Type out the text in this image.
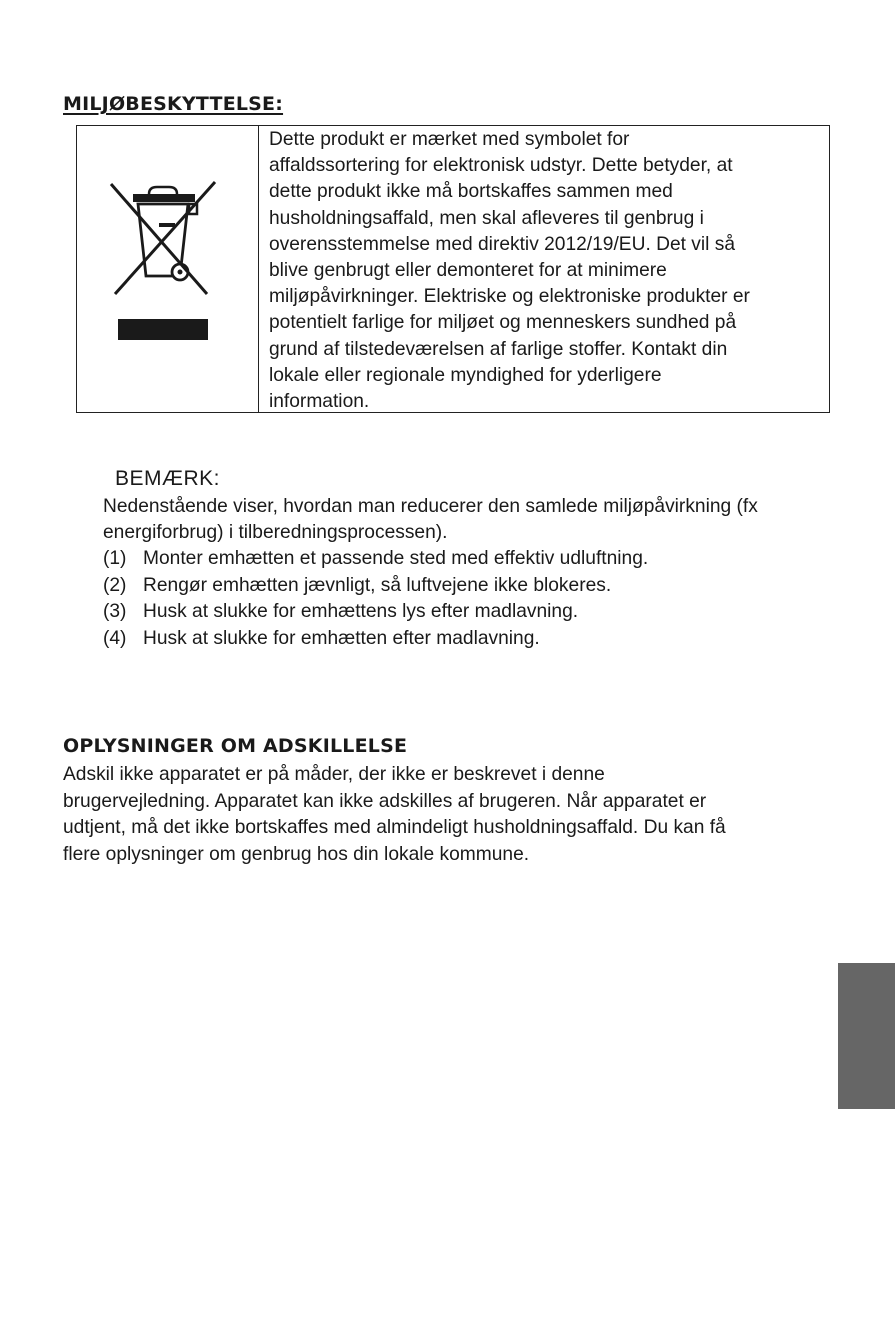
MILJØBESKYTTELSE:

Dette produkt er mærket med symbolet for
affaldssortering for elektronisk udstyr. Dette betyder, at
dette produkt ikke må bortskaffes sammen med
husholdningsaffald, men skal afleveres til genbrug i
overensstemmelse med direktiv 2012/19/EU. Det vil så
blive genbrugt eller demonteret for at minimere
miljøpåvirkninger. Elektriske og elektroniske produkter er
potentielt farlige for miljøet og menneskers sundhed på
grund af tilstedeværelsen af farlige stoffer. Kontakt din
lokale eller regionale myndighed for yderligere
information.

BEMÆRK:

Nedenstående viser, hvordan man reducerer den samlede miljøpåvirkning (fx
energiforbrug) i tilberedningsprocessen).

(1) Monter emhætten et passende sted med effektiv udluftning.
(2) Rengør emhætten jævnligt, så luftvejene ikke blokeres.
(3) Husk at slukke for emhættens lys efter madlavning.
(4) Husk at slukke for emhætten efter madlavning.
OPLYSNINGER OM ADSKILLELSE

Adskil ikke apparatet er på måder, der ikke er beskrevet i denne
brugervejledning. Apparatet kan ikke adskilles af brugeren. Når apparatet er
udtjent, må det ikke bortskaffes med almindeligt husholdningsaffald. Du kan få
flere oplysninger om genbrug hos din lokale kommune.
